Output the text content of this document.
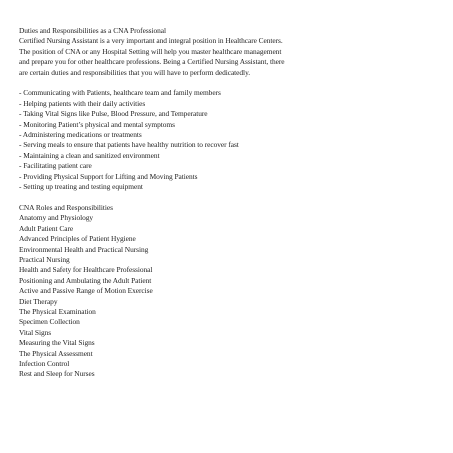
Duties and Responsibilities as a CNA Professional
Certified Nursing Assistant is a very important and integral position in Healthcare Centers.
The position of CNA or any Hospital Setting will help you master healthcare management
and prepare you for other healthcare professions. Being a Certified Nursing Assistant, there
are certain duties and responsibilities that you will have to perform dedicatedly.
- Communicating with Patients, healthcare team and family members
- Helping patients with their daily activities
- Taking Vital Signs like Pulse, Blood Pressure, and Temperature
- Monitoring Patient’s physical and mental symptoms
- Administering medications or treatments
- Serving meals to ensure that patients have healthy nutrition to recover fast
- Maintaining a clean and sanitized environment
- Facilitating patient care
- Providing Physical Support for Lifting and Moving Patients
- Setting up treating and testing equipment
CNA Roles and Responsibilities
Anatomy and Physiology
Adult Patient Care
Advanced Principles of Patient Hygiene
Environmental Health and Practical Nursing
Practical Nursing
Health and Safety for Healthcare Professional
Positioning and Ambulating the Adult Patient
Active and Passive Range of Motion Exercise
Diet Therapy
The Physical Examination
Specimen Collection
Vital Signs
Measuring the Vital Signs
The Physical Assessment
Infection Control
Rest and Sleep for Nurses
